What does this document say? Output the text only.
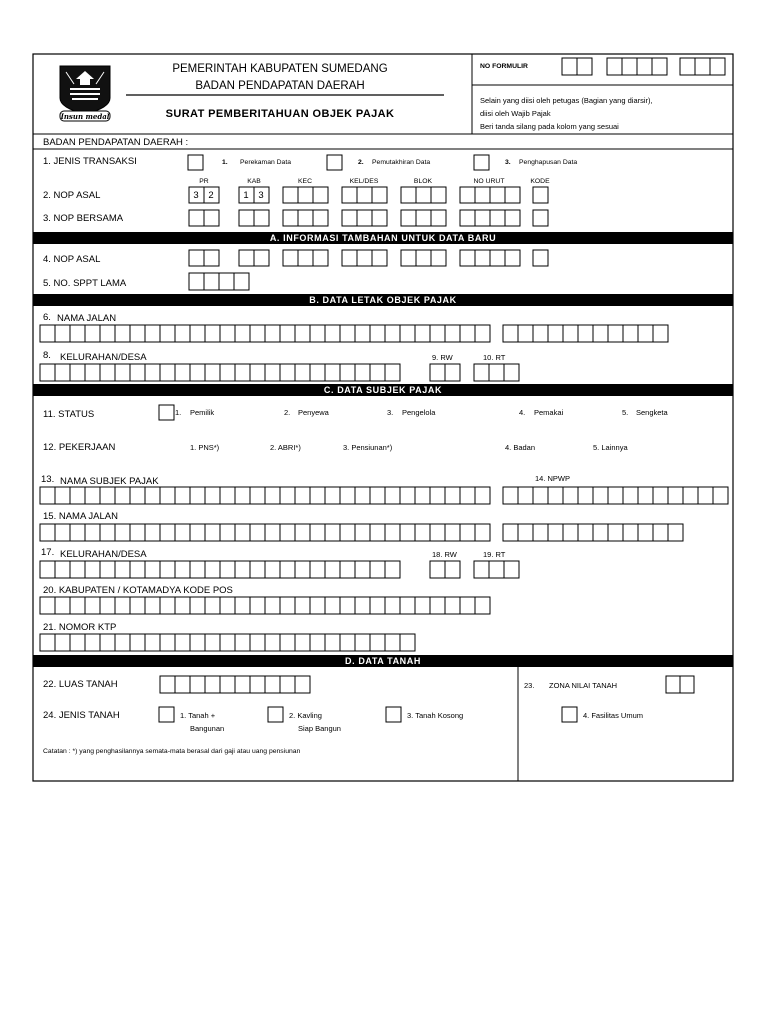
Insun medal
PEMERINTAH KABUPATEN SUMEDANG
BADAN PENDAPATAN DAERAH
SURAT PEMBERITAHUAN OBJEK PAJAK
NO FORMULIR
Selain yang diisi oleh petugas (Bagian yang diarsir),
diisi oleh Wajib Pajak
Beri tanda silang pada kolom yang sesuai
BADAN PENDAPATAN DAERAH :
1. JENIS TRANSAKSI	1. Perekaman Data	2. Pemutakhiran Data	3. Penghapusan Data
PR	KAB	KEC	KEL/DES	BLOK	NO URUT	KODE
2. NOP ASAL	3 2	1 3
3. NOP BERSAMA
A. INFORMASI TAMBAHAN UNTUK DATA BARU
4. NOP ASAL
5. NO. SPPT LAMA
B. DATA LETAK OBJEK PAJAK
6. NAMA JALAN
8. KELURAHAN/DESA	9. RW	10. RT
C. DATA SUBJEK PAJAK
11. STATUS	1. Pemilik	2. Penyewa	3. Pengelola	4. Pemakai	5. Sengketa
12. PEKERJAAN	1. PNS*)	2. ABRI*)	3. Pensiunan*)	4. Badan	5. Lainnya
13. NAMA SUBJEK PAJAK	14. NPWP
15. NAMA JALAN
17. KELURAHAN/DESA	18. RW	19. RT
20. KABUPATEN / KOTAMADYA KODE POS
21. NOMOR KTP
D. DATA TANAH
22. LUAS TANAH	23. ZONA NILAI TANAH
24. JENIS TANAH	1. Tanah +
Bangunan
2. Kavling
Siap Bangun
3. Tanah Kosong	4. Fasilitas Umum
Catatan : *) yang penghasilannya semata-mata berasal dari gaji atau uang pensiunan
